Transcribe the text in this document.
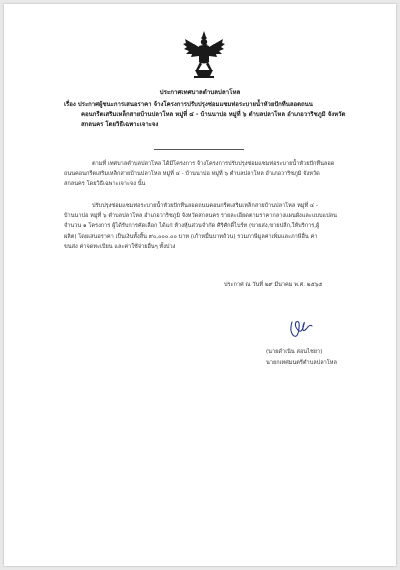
ประกาศเทศบาลตำบลปลาโหล
เรื่อง ประกาศผู้ชนะการเสนอราคา จ้างโครงการปรับปรุงซ่อมแซมท่อระบายน้ำหัวยปักทืนลอดถนน
คอนกรีตเสริมเหล็กสายบ้านปลาโหล หมู่ที่ ๔ - บ้านนาปอ หมู่ที่ ๖ ตำบลปลาโหล อำเภอวาริชภูมิ จังหวัด
สกลนคร โดยวิธีเฉพาะเจาะจง
ตามที่ เทศบาลตำบลปลาโหล ได้มีโครงการ จ้างโครงการปรับปรุงซ่อมแซมท่อระบายน้ำหัวยปักทืนลอด
ถนนคอนกรีตเสริมเหล็กสายบ้านปลาโหล หมู่ที่ ๔ - บ้านนาปอ หมู่ที่ ๖ ตำบลปลาโหล อำเภอวาริชภูมิ จังหวัด
สกลนคร โดยวิธีเฉพาะเจาะจง นั้น
ปรับปรุงซ่อมแซมท่อระบายน้ำหัวยปักทืนลอดถนนคอนกรีตเสริมเหล็กสายบ้านปลาโหล หมู่ที่ ๔ -
บ้านนาปอ หมู่ที่ ๖ ตำบลปลาโหล อำเภอวาริชภูมิ จังหวัดสกลนคร รายละเอียดตามราคากลางแผนผังและแบบแปลน
จำนวน ๑ โครงการ ผู้ได้รับการคัดเลือก ได้แก่ ห้างหุ้นส่วนจำกัด ศิริศักดิ์ไบร์ท (ขายส่ง,ขายปลีก,ให้บริการ,ผู้
ผลิต) โดยเสนอราคา เป็นเงินทั้งสิ้น ๙๐,๐๐๐.๐๐ บาท (เก้าหมื่นบาทถ้วน) รวมภาษีมูลค่าเพิ่มและภาษีอื่น ค่า
ขนส่ง ค่าจดทะเบียน และค่าใช้จ่ายอื่นๆ ทั้งปวง
ประกาศ ณ วันที่ ๒๙ มีนาคม พ.ศ. ๒๕๖๕
(นายดำเนิน สอนไชยา)
นายกเทศมนตรีตำบลปลาโหล
